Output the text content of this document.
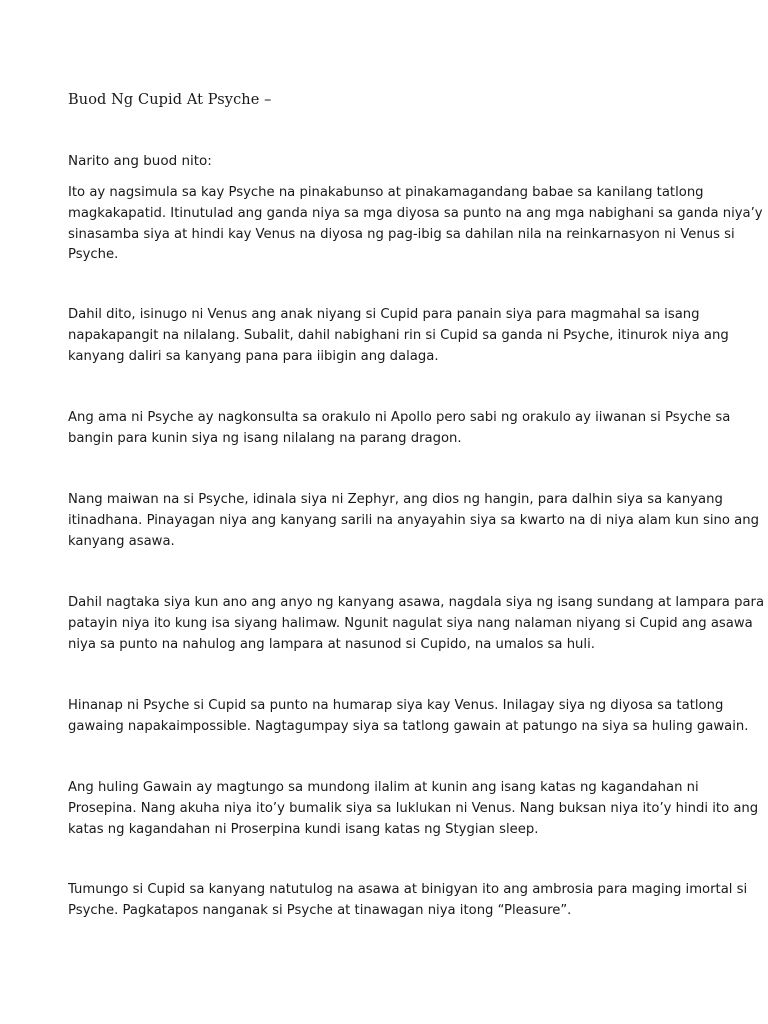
Buod Ng Cupid At Psyche –
Narito ang buod nito:

Ito ay nagsimula sa kay Psyche na pinakabunso at pinakamagandang babae sa kanilang tatlong
magkakapatid. Itinutulad ang ganda niya sa mga diyosa sa punto na ang mga nabighani sa ganda niya’y
sinasamba siya at hindi kay Venus na diyosa ng pag-ibig sa dahilan nila na reinkarnasyon ni Venus si
Psyche.

Dahil dito, isinugo ni Venus ang anak niyang si Cupid para panain siya para magmahal sa isang
napakapangit na nilalang. Subalit, dahil nabighani rin si Cupid sa ganda ni Psyche, itinurok niya ang
kanyang daliri sa kanyang pana para iibigin ang dalaga.

Ang ama ni Psyche ay nagkonsulta sa orakulo ni Apollo pero sabi ng orakulo ay iiwanan si Psyche sa
bangin para kunin siya ng isang nilalang na parang dragon.

Nang maiwan na si Psyche, idinala siya ni Zephyr, ang dios ng hangin, para dalhin siya sa kanyang
itinadhana. Pinayagan niya ang kanyang sarili na anyayahin siya sa kwarto na di niya alam kun sino ang
kanyang asawa.

Dahil nagtaka siya kun ano ang anyo ng kanyang asawa, nagdala siya ng isang sundang at lampara para
patayin niya ito kung isa siyang halimaw. Ngunit nagulat siya nang nalaman niyang si Cupid ang asawa
niya sa punto na nahulog ang lampara at nasunod si Cupido, na umalos sa huli.

Hinanap ni Psyche si Cupid sa punto na humarap siya kay Venus. Inilagay siya ng diyosa sa tatlong
gawaing napakaimpossible. Nagtagumpay siya sa tatlong gawain at patungo na siya sa huling gawain.

Ang huling Gawain ay magtungo sa mundong ilalim at kunin ang isang katas ng kagandahan ni
Prosepina. Nang akuha niya ito’y bumalik siya sa luklukan ni Venus. Nang buksan niya ito’y hindi ito ang
katas ng kagandahan ni Proserpina kundi isang katas ng Stygian sleep.

Tumungo si Cupid sa kanyang natutulog na asawa at binigyan ito ang ambrosia para maging imortal si
Psyche. Pagkatapos nanganak si Psyche at tinawagan niya itong “Pleasure”.
